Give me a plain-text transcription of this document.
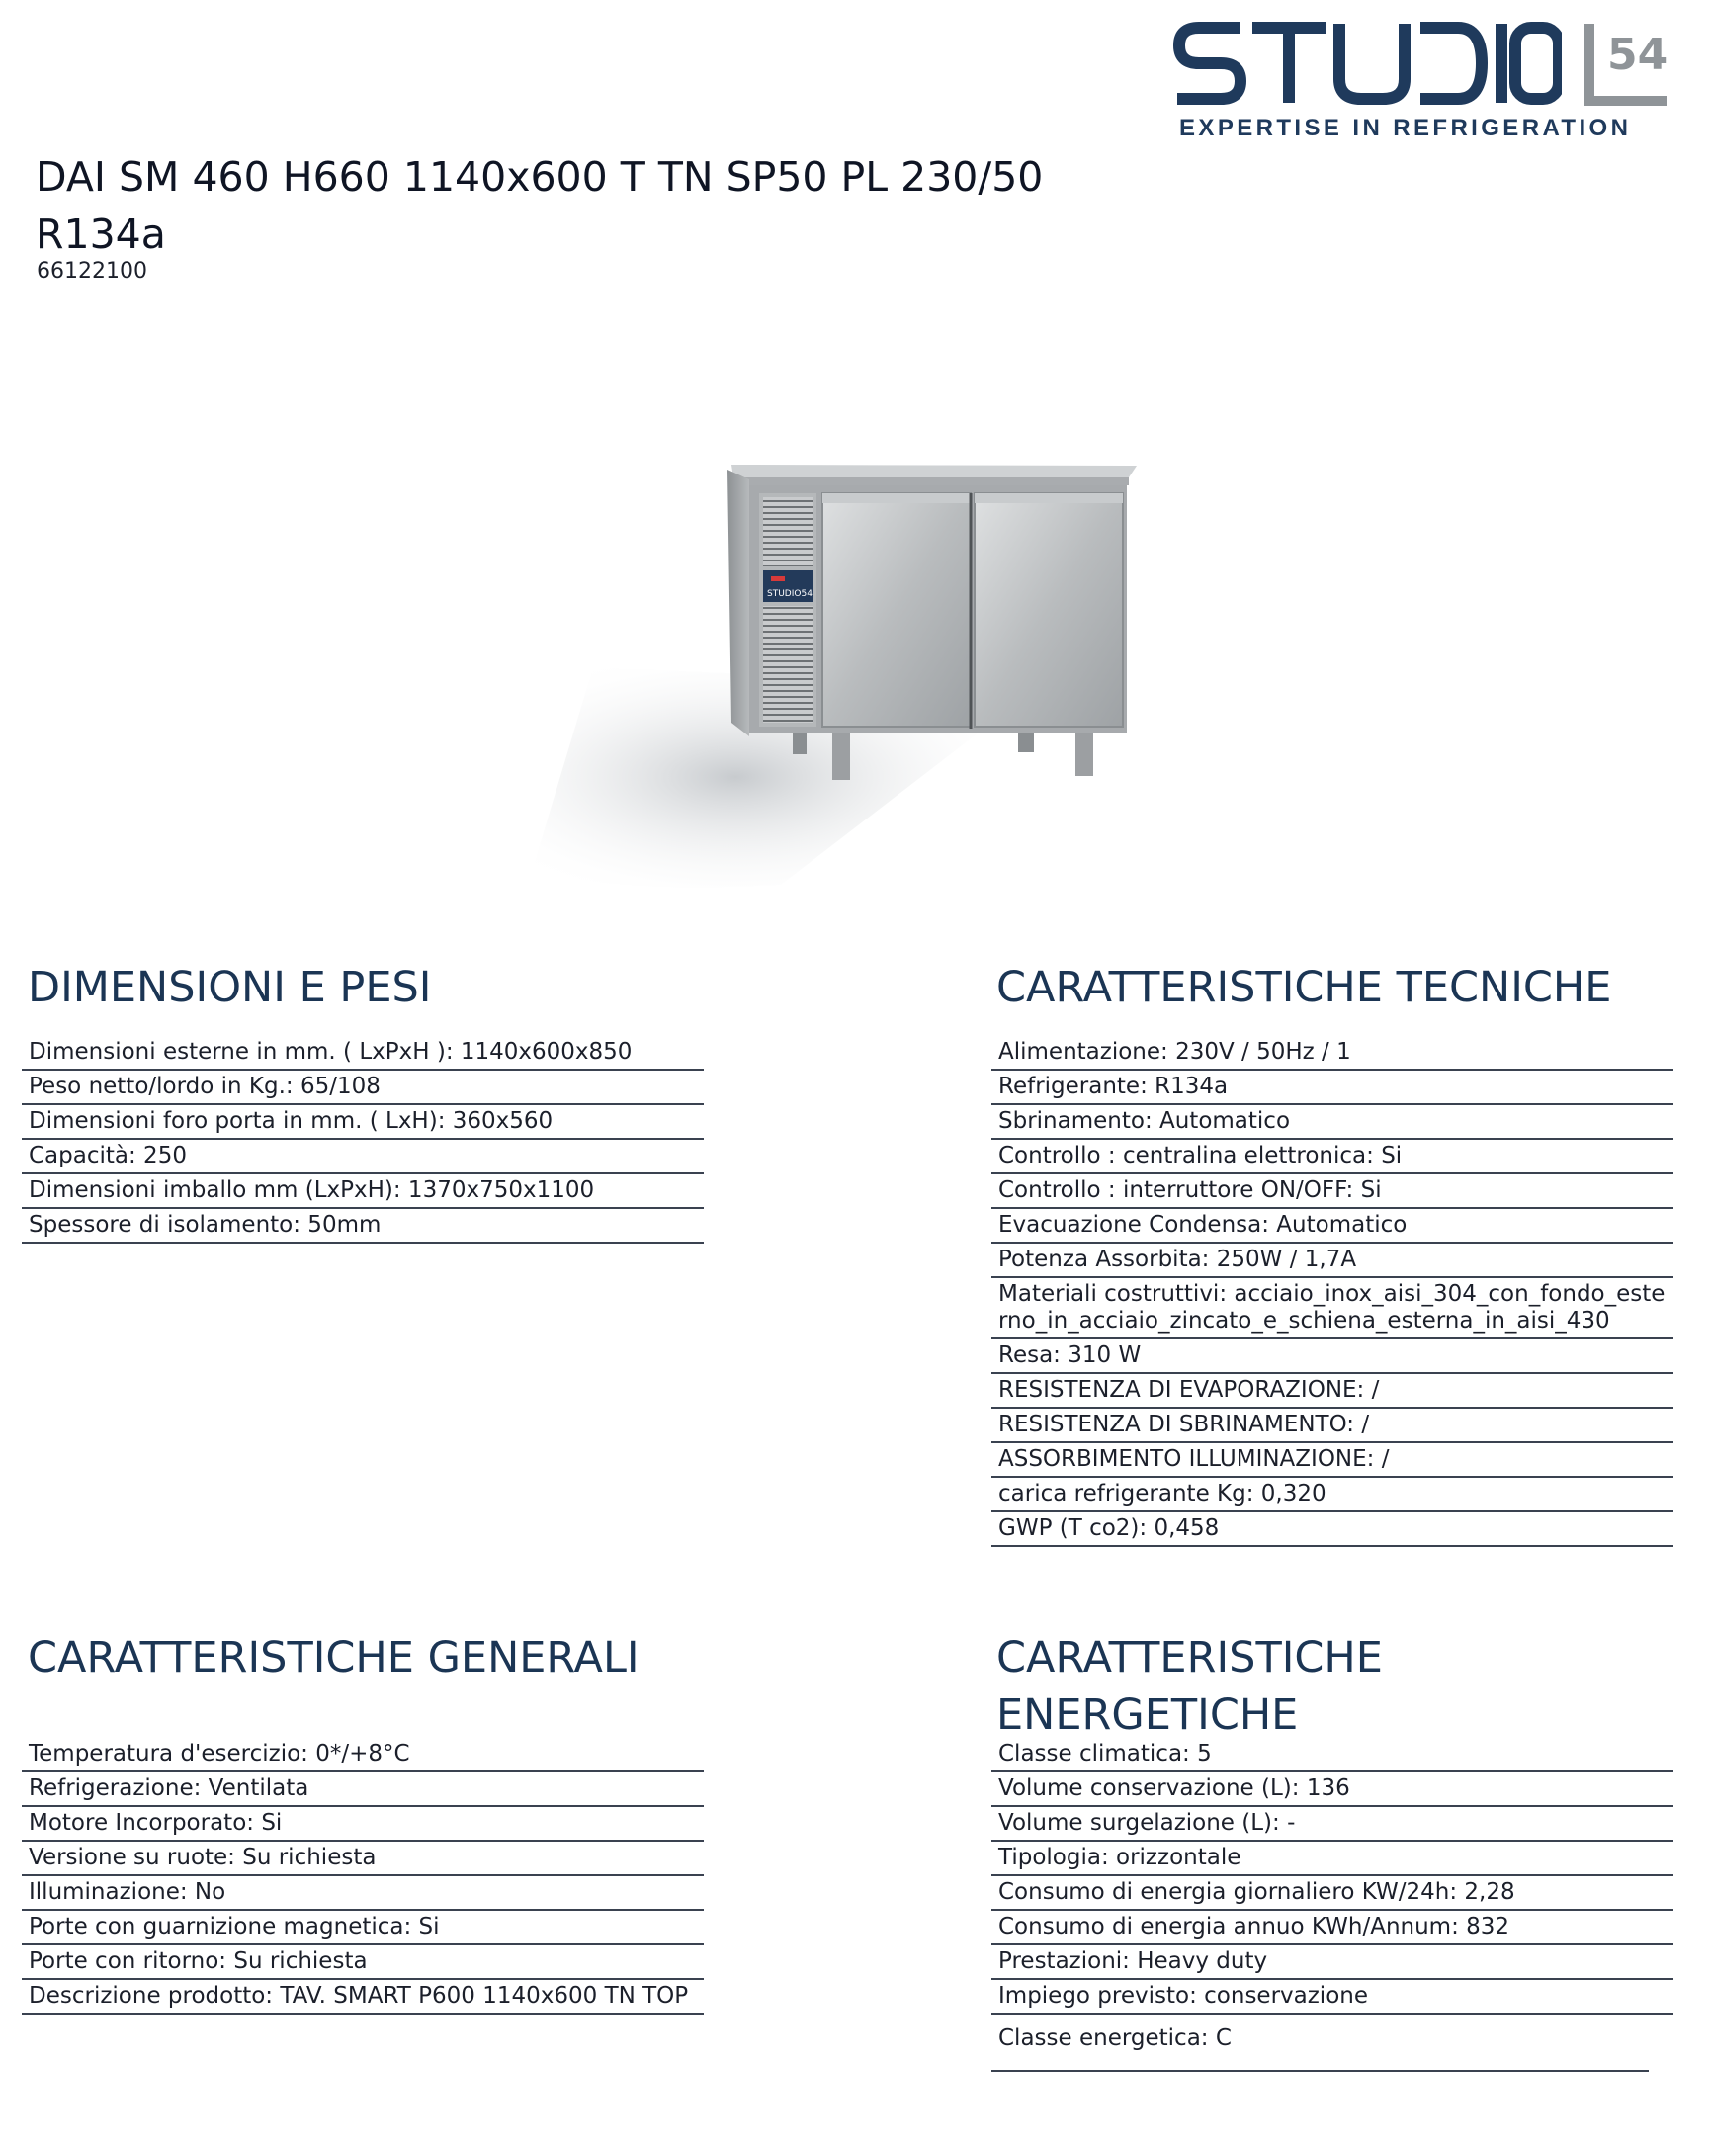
54
®
EXPERTISE IN REFRIGERATION
DAI SM 460 H660 1140x600 T TN SP50 PL 230/50 R134a
66122100
STUDIO54
DIMENSIONI E PESI
Dimensioni esterne in mm. ( LxPxH ): 1140x600x850
Peso netto/lordo in Kg.: 65/108
Dimensioni foro porta in mm. ( LxH): 360x560
Capacità: 250
Dimensioni imballo mm (LxPxH): 1370x750x1100
Spessore di isolamento: 50mm
CARATTERISTICHE TECNICHE
Alimentazione: 230V / 50Hz / 1
Refrigerante: R134a
Sbrinamento: Automatico
Controllo : centralina elettronica: Si
Controllo : interruttore ON/OFF: Si
Evacuazione Condensa: Automatico
Potenza Assorbita: 250W / 1,7A
Materiali costruttivi: acciaio_inox_aisi_304_con_fondo_esterno_in_acciaio_zincato_e_schiena_esterna_in_aisi_430
Resa: 310 W
RESISTENZA DI EVAPORAZIONE: /
RESISTENZA DI SBRINAMENTO: /
ASSORBIMENTO ILLUMINAZIONE: /
carica refrigerante Kg: 0,320
GWP (T co2): 0,458
CARATTERISTICHE GENERALI
Temperatura d'esercizio: 0*/+8°C
Refrigerazione: Ventilata
Motore Incorporato: Si
Versione su ruote: Su richiesta
Illuminazione: No
Porte con guarnizione magnetica: Si
Porte con ritorno: Su richiesta
Descrizione prodotto: TAV. SMART P600 1140x600 TN TOP
CARATTERISTICHE ENERGETICHE
Classe climatica: 5
Volume conservazione (L): 136
Volume surgelazione (L): -
Tipologia: orizzontale
Consumo di energia giornaliero KW/24h: 2,28
Consumo di energia annuo KWh/Annum: 832
Prestazioni: Heavy duty
Impiego previsto: conservazione
Classe energetica: C
